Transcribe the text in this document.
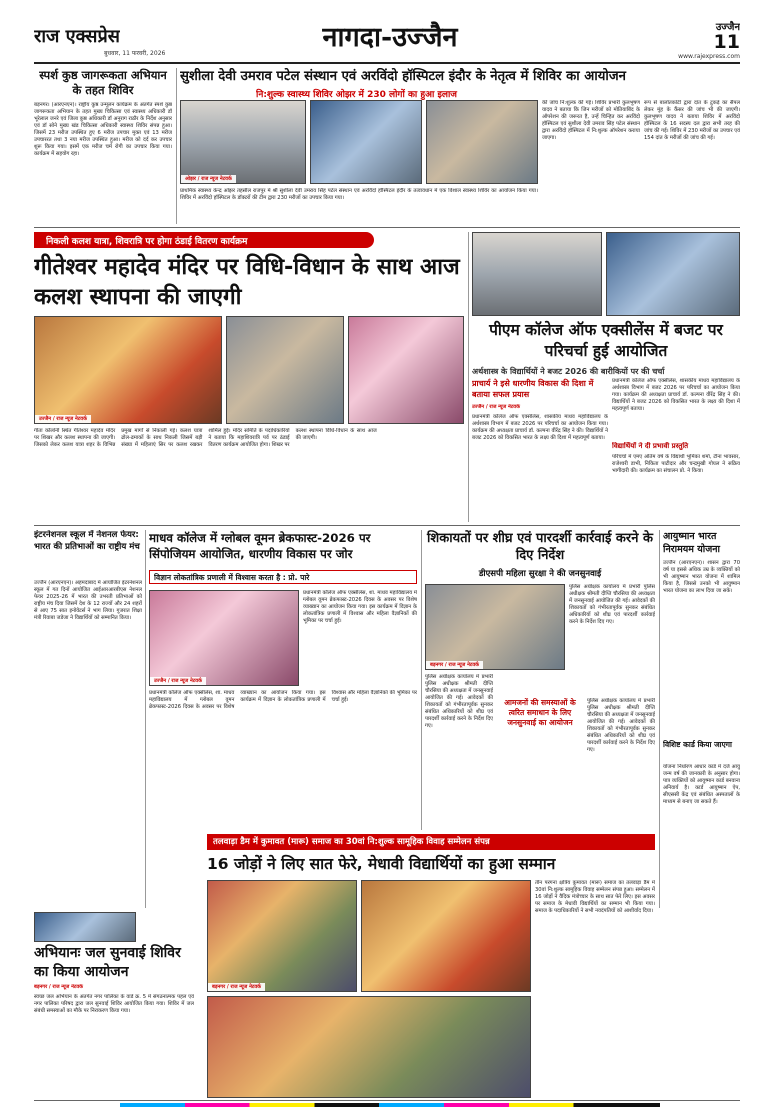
राज एक्सप्रेस
बुधवार, 11 फरवरी, 2026
नागदा-उज्जैन	उज्जैन
11
www.rajexpress.com
स्पर्श कुष्ठ जागरूकता अभियान के तहत शिविर
बड़नगर। (आरएनएन)। राष्ट्रीय कुष्ठ उन्मूलन कार्यक्रम के अंतर्गत स्पर्श कुष्ठ जागरूकता अभियान के तहत मुख्य चिकित्सा एवं स्वास्थ्य अधिकारी डॉ भूरेलाल जनरे एवं जिला कुष्ठ अधिकारी डॉ अनुराग राठौर के निर्देश अनुसार एवं डॉ सोने मुख्य खंड चिकित्सा अधिकारी स्वास्थ्य शिविर संपन्न हुआ। जिसमें 23 मरीज उपस्थित हुए 6 मरीज उपचार मुक्त एवं 13 मरीज उपचाररत तथा 3 नया मरीज उपस्थित हुआ। मरीज को दर्द कर उपचार शुरू किया गया। इसमें एक मरीज चर्म रोगी का उपचार किया गया। कार्यक्रम में सहयोग रहा।
सुशीला देवी उमराव पटेल संस्थान एवं अरविंदो हॉस्पिटल इंदौर के नेतृत्व में शिविर का आयोजन
नि:शुल्क स्वास्थ्य शिविर ओझर में 230 लोगों का हुआ इलाज
ओझर / राज न्यूज नेटवर्क
प्राथमिक स्वास्थ्य केन्द्र ओझर तहसील राजपुर में श्री सुशीला देवी उमराव सिंह पटेल संस्थान एवं अरविंदो हॉस्पिटल इंदौर के तत्वावधान में एक विशाल स्वास्थ्य शिविर का आयोजन किया गया। शिविर में अरविंदो हॉस्पिटल के डॉक्टरों की टीम द्वारा 230 मरीजों का उपचार किया गया।
की जांच नि:शुल्क की गई। शिविर प्रभारी कुलभूषण यादव ने बताया कि जिन मरीजों को मोतियाबिंद के ऑपरेशन की जरूरत है, उन्हें चिन्हित कर अरविंदो हॉस्पिटल एवं सुशीला देवी उमराव सिंह पटेल संस्थान द्वारा अरविंदो हॉस्पिटल में नि:शुल्क ऑपरेशन कराया जाएगा।
रूप से बालोतकोटी द्वारा दांत के टुकड़े का सैंपल लेकर मुंह के कैंसर की जांच भी की जाएगी। कुलभूषण यादव ने बताया शिविर में अरविंदो हॉस्पिटल के 16 सदस्य दल द्वारा सभी तरह की जांच की गई। शिविर में 230 मरीजों का उपचार एवं 154 दांत के मरीजों की जांच की गई।
निकली कलश यात्रा, शिवरात्रि पर होगा ठंडाई वितरण कार्यक्रम
गीतेश्वर महादेव मंदिर पर विधि-विधान के साथ आज कलश स्थापना की जाएगी
उज्जैन / राज न्यूज नेटवर्क
गीता कॉलोनी स्थित गीतेश्वर महादेव मंदिर पर शिखर और कलश स्थापना की जाएगी। जिसको लेकर कलश यात्रा शहर के विभिन्न प्रमुख मार्गों से निकाली गई। कलश यात्रा ढोल-ढमाकों के साथ निकली जिसमें बड़ी संख्या में महिलाएं सिर पर कलश रखकर शामिल हुईं। मंदिर समिति के पदाधिकारियों ने बताया कि महाशिवरात्रि पर्व पर ठंडाई वितरण कार्यक्रम आयोजित होगा। शिखर पर कलश स्थापना विधि-विधान के साथ आज की जाएगी।
पीएम कॉलेज ऑफ एक्सीलेंस में बजट पर परिचर्चा हुई आयोजित
अर्थशास्त्र के विद्यार्थियों ने बजट 2026 की बारीकियों पर की चर्चा
प्राचार्य ने इसे धारणीय विकास की दिशा में बताया सफल प्रयास
उज्जैन / राज न्यूज नेटवर्क
प्रधानमंत्री कॉलेज ऑफ एक्सीलेंस, शासकीय माधव महाविद्यालय के अर्थशास्त्र विभाग में बजट 2026 पर परिचर्चा का आयोजन किया गया। कार्यक्रम की अध्यक्षता प्राचार्य डॉ. कल्पना वीरेंद्र सिंह ने की। विद्यार्थियों ने बजट 2026 को विकसित भारत के लक्ष्य की दिशा में महत्वपूर्ण बताया।
प्रधानमंत्री कॉलेज ऑफ एक्सीलेंस, शासकीय माधव महाविद्यालय के अर्थशास्त्र विभाग में बजट 2026 पर परिचर्चा का आयोजन किया गया। कार्यक्रम की अध्यक्षता प्राचार्य डॉ. कल्पना वीरेंद्र सिंह ने की। विद्यार्थियों ने बजट 2026 को विकसित भारत के लक्ष्य की दिशा में महत्वपूर्ण बताया।
विद्यार्थियों ने दी प्रभावी प्रस्तुति
परिचर्चा में एमए अंतिम वर्ष के विद्यार्थी भूमिका शर्मा, टीना भावसार, राजेश्वरी डाभी, निकिता पाटीदार और चन्द्रमुखी गोयल ने सक्रिय भागीदारी की। कार्यक्रम का संचालन प्रो. ने किया।
इंटरनेशनल स्कूल में नेशनल फेयर: भारत की प्रतिभाओं का राष्ट्रीय मंच
उज्जैन (आरएनएन)। अहमदाबाद में आयोजित इंटरनेशनल स्कूल में गत दिनों आयोजित आईआरआरबीएस नेशनल फेयर 2025-26 में भारत की उभरती प्रतिभाओं को राष्ट्रीय मंच दिया जिसमें देश के 12 राज्यों और 24 शहरों से आए 75 सात इनोवेटर्स ने भाग लिया। गुजरात शिक्षा मंत्री रिवाबा जडेजा ने विद्यार्थियों को सम्मानित किया।
माधव कॉलेज में ग्लोबल वूमन ब्रेकफास्ट-2026 पर सिंपोजियम आयोजित, धारणीय विकास पर जोर
विज्ञान लोकतांत्रिक प्रणाली में विश्वास करता है : प्रो. पारे
उज्जैन / राज न्यूज नेटवर्क
प्रधानमंत्री कॉलेज ऑफ एक्सीलेंस, शा. माधव महाविद्यालय में ग्लोबल वूमन ब्रेकफास्ट-2026 दिवस के अवसर पर विशेष व्याख्यान का आयोजन किया गया। इस कार्यक्रम में विज्ञान के लोकतांत्रिक प्रणाली में विश्वास और महिला वैज्ञानिकों की भूमिका पर चर्चा हुई।
प्रधानमंत्री कॉलेज ऑफ एक्सीलेंस, शा. माधव महाविद्यालय में ग्लोबल वूमन ब्रेकफास्ट-2026 दिवस के अवसर पर विशेष व्याख्यान का आयोजन किया गया। इस कार्यक्रम में विज्ञान के लोकतांत्रिक प्रणाली में विश्वास और महिला वैज्ञानिकों की भूमिका पर चर्चा हुई।
शिकायतों पर शीघ्र एवं पारदर्शी कार्रवाई करने के दिए निर्देश
डीएसपी महिला सुरक्षा ने की जनसुनवाई
बड़नगर / राज न्यूज नेटवर्क
पुलिस अधीक्षक कार्यालय में प्रभारी पुलिस अधीक्षक श्रीमती दीप्ति चौरसिया की अध्यक्षता में जनसुनवाई आयोजित की गई। आवेदकों की शिकायतों को गंभीरतापूर्वक सुनकर संबंधित अधिकारियों को शीघ्र एवं पारदर्शी कार्रवाई करने के निर्देश दिए गए।
आमजनों की समस्याओं के त्वरित समाधान के लिए जनसुनवाई का आयोजन
पुलिस अधीक्षक कार्यालय में प्रभारी पुलिस अधीक्षक श्रीमती दीप्ति चौरसिया की अध्यक्षता में जनसुनवाई आयोजित की गई। आवेदकों की शिकायतों को गंभीरतापूर्वक सुनकर संबंधित अधिकारियों को शीघ्र एवं पारदर्शी कार्रवाई करने के निर्देश दिए गए।
पुलिस अधीक्षक कार्यालय में प्रभारी पुलिस अधीक्षक श्रीमती दीप्ति चौरसिया की अध्यक्षता में जनसुनवाई आयोजित की गई। आवेदकों की शिकायतों को गंभीरतापूर्वक सुनकर संबंधित अधिकारियों को शीघ्र एवं पारदर्शी कार्रवाई करने के निर्देश दिए गए।
आयुष्मान भारत निरामयम योजना
उज्जैन (आरएनएन)। शासन द्वारा 70 वर्ष या इससे अधिक उम्र के व्यक्तियों को भी आयुष्मान भारत योजना में शामिल किया है, जिससे उनको भी आयुष्मान भारत योजना का लाभ दिया जा सके।
विशिष्ट कार्ड किया जाएगा
योजना निर्धारण आधार कार्ड में दर्ज आयु जन्म वर्ष की जानकारी के अनुसार होगा। पात्र व्यक्तियों को आयुष्मान कार्ड बनवाना अनिवार्य है। कार्ड आयुष्मान ऐप, सीएससी केंद्र एवं संबंधित अस्पतालों के माध्यम से बनाए जा सकते हैं।
तलवाड़ा डैम में कुमावत (मारू) समाज का 30वां नि:शुल्क सामूहिक विवाह सम्मेलन संपन्न
16 जोड़ों ने लिए सात फेरे, मेधावी विद्यार्थियों का हुआ सम्मान
बड़नगर / राज न्यूज नेटवर्क
तीन परगना क्षत्रिय कुमावत (मारू) समाज का तलवाड़ा डैम में 30वां नि:शुल्क सामूहिक विवाह सम्मेलन संपन्न हुआ। सम्मेलन में 16 जोड़ों ने वैदिक मंत्रोच्चार के साथ सात फेरे लिए। इस अवसर पर समाज के मेधावी विद्यार्थियों का सम्मान भी किया गया। समाज के पदाधिकारियों ने सभी नवदंपतियों को आशीर्वाद दिया।
अभियानः जल सुनवाई शिविर का किया आयोजन
बड़नगर / राज न्यूज नेटवर्क
स्वच्छ जल अभियान के अंतर्गत नगर पालिका के वार्ड क्र. 5 में संगठनात्मक पहल एवं नगर पालिका परिषद द्वारा जल सुनवाई शिविर आयोजित किया गया। शिविर में जल संबंधी समस्याओं का मौके पर निराकरण किया गया।
